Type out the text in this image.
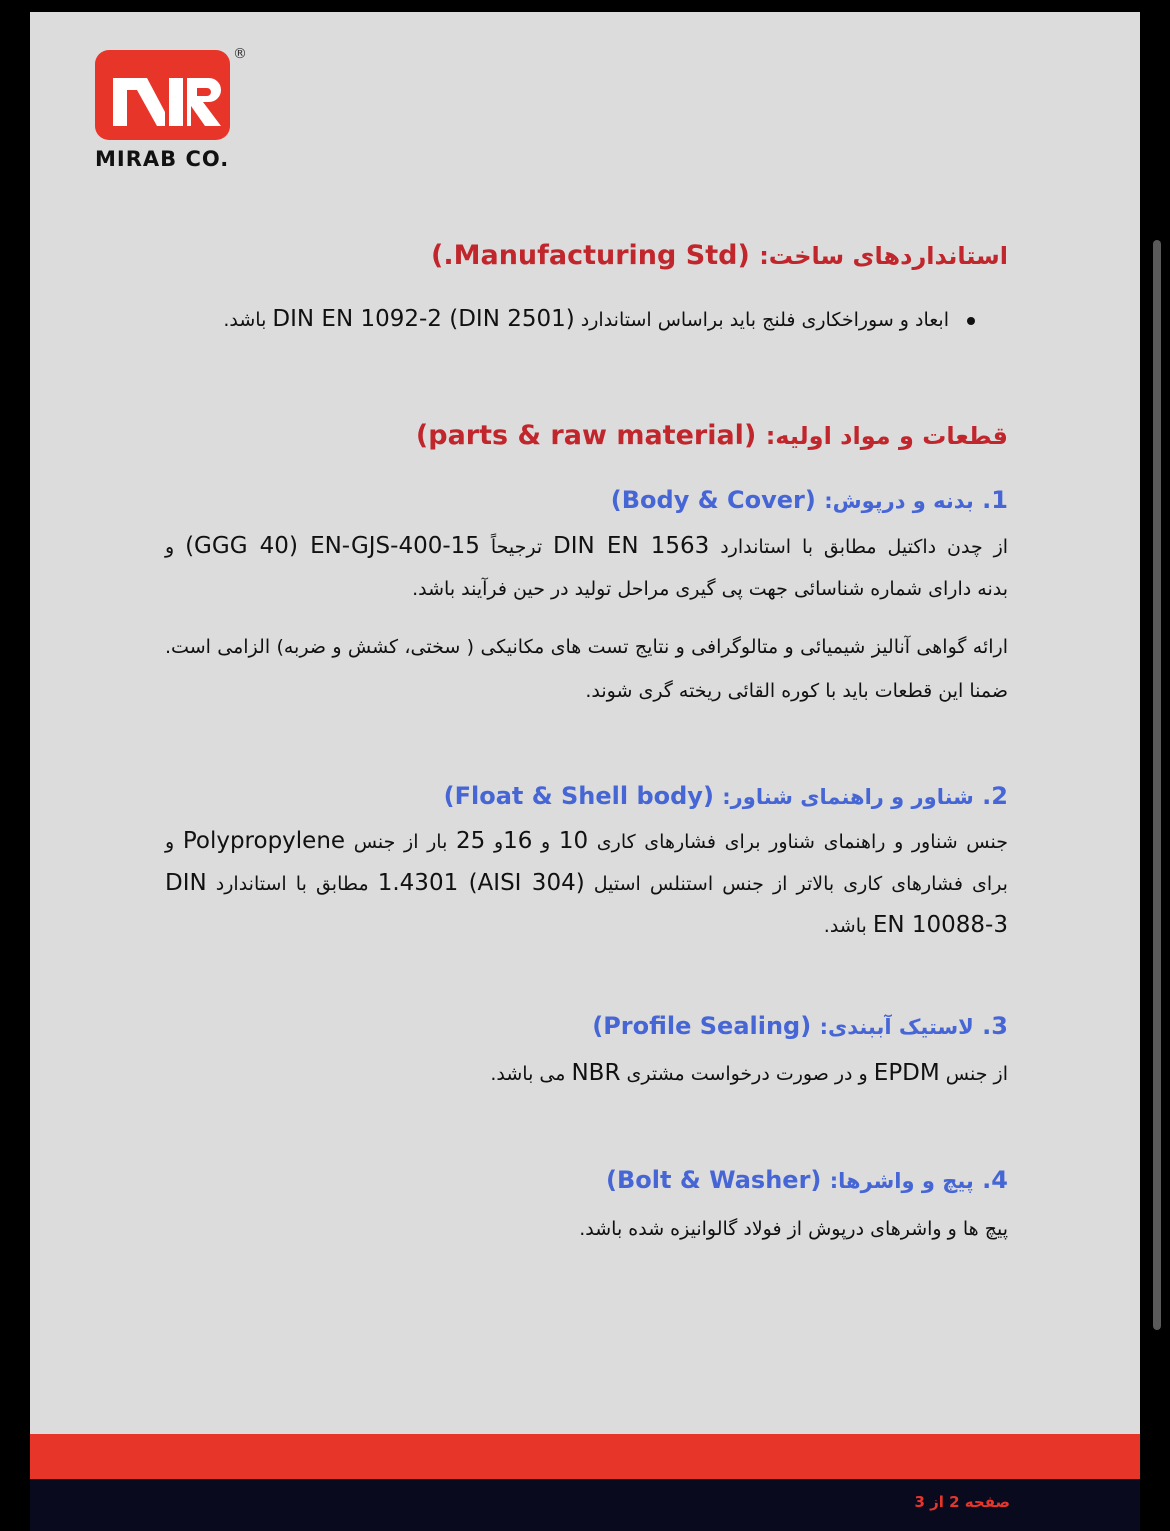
®
MIRAB CO.
استانداردهای ساخت: (Manufacturing Std.)
ابعاد و سوراخکاری فلنج باید براساس استاندارد DIN EN 1092-2 (DIN 2501) باشد.
قطعات و مواد اولیه: (parts & raw material)
1. بدنه و درپوش: (Body & Cover)
از چدن داکتیل مطابق با استاندارد DIN EN 1563 ترجیحاً (GGG 40) EN-GJS-400-15 و
بدنه دارای شماره شناسائی جهت پی گیری مراحل تولید در حین فرآیند باشد.
ارائه گواهی آنالیز شیمیائی و متالوگرافی و نتایج تست های مکانیکی ( سختی، کشش و ضربه) الزامی است.
ضمنا این قطعات باید با کوره القائی ریخته گری شوند.
2. شناور و راهنمای شناور: (Float & Shell body)
جنس شناور و راهنمای شناور برای فشارهای کاری 10 و 16و 25 بار از جنس Polypropylene و
برای فشارهای کاری بالاتر از جنس استنلس استیل 1.4301 (AISI 304) مطابق با استاندارد DIN
EN 10088-3 باشد.
3. لاستیک آببندی: (Profile Sealing)
از جنس EPDM و در صورت درخواست مشتری NBR می باشد.
4. پیچ و واشرها: (Bolt & Washer)
پیچ ها و واشرهای درپوش از فولاد گالوانیزه شده باشد.
صفحه 2 از 3
